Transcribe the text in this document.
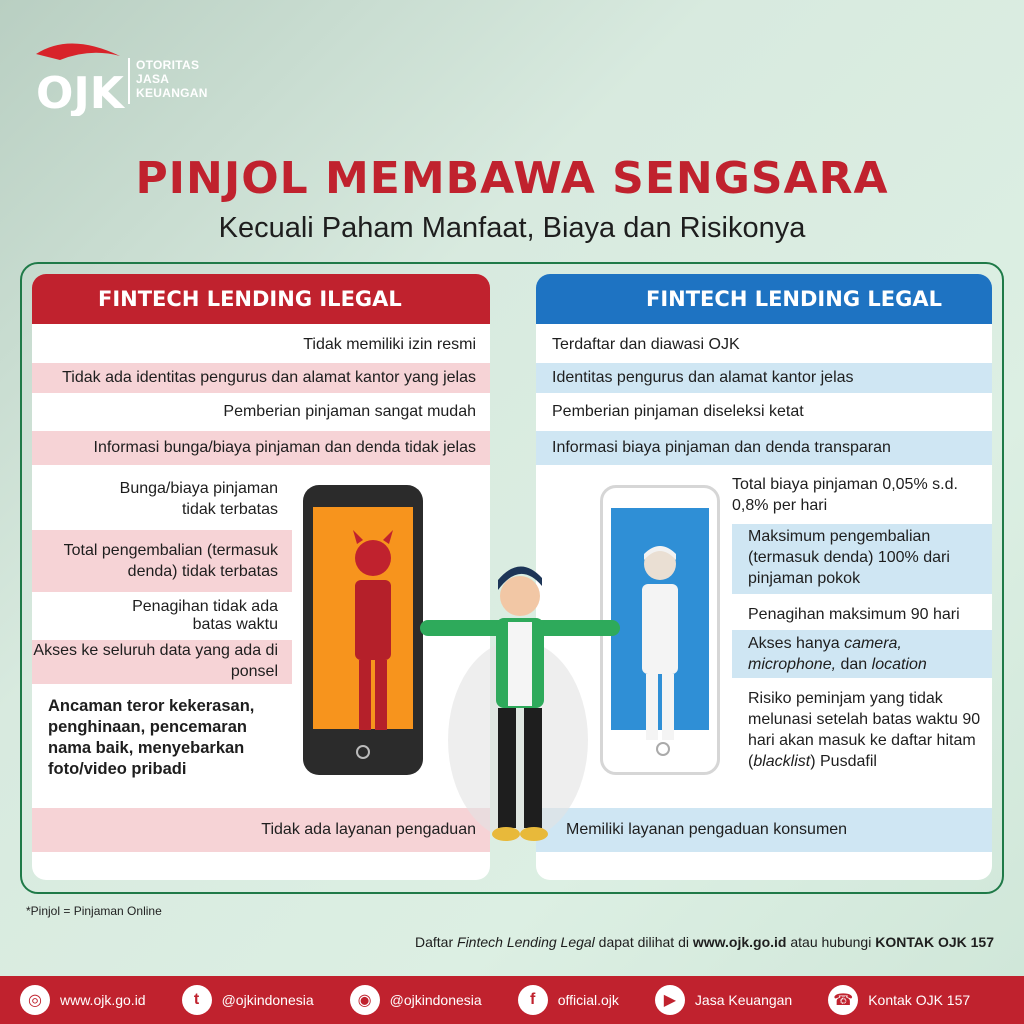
OJK
OTORITAS
JASA
KEUANGAN
PINJOL MEMBAWA SENGSARA
Kecuali Paham Manfaat, Biaya dan Risikonya
FINTECH LENDING ILEGAL
Tidak memiliki izin resmi
Tidak ada identitas pengurus dan alamat kantor yang jelas
Pemberian pinjaman sangat mudah
Informasi bunga/biaya pinjaman dan denda tidak jelas
Bunga/biaya pinjaman tidak terbatas
Total pengembalian (termasuk denda) tidak terbatas
Penagihan tidak ada batas waktu
Akses ke seluruh data yang ada di ponsel
Ancaman teror kekerasan, penghinaan, pencemaran nama baik, menyebarkan foto/video pribadi
Tidak ada layanan pengaduan
FINTECH LENDING LEGAL
Terdaftar dan diawasi OJK
Identitas pengurus dan alamat kantor jelas
Pemberian pinjaman diseleksi ketat
Informasi biaya pinjaman dan denda transparan
Total biaya pinjaman 0,05% s.d. 0,8% per hari
Maksimum pengembalian (termasuk denda) 100% dari pinjaman pokok
Penagihan maksimum 90 hari
Akses hanya camera,
microphone, dan location
Risiko peminjam yang tidak melunasi setelah batas waktu 90 hari akan masuk ke daftar hitam (blacklist) Pusdafil
Memiliki layanan pengaduan konsumen
*Pinjol = Pinjaman Online
Daftar Fintech Lending Legal dapat dilihat di www.ojk.go.id atau hubungi KONTAK OJK 157
◎	www.ojk.go.id	t	@ojkindonesia	◉	@ojkindonesia	f	official.ojk	▶	Jasa Keuangan	☎	Kontak OJK 157
